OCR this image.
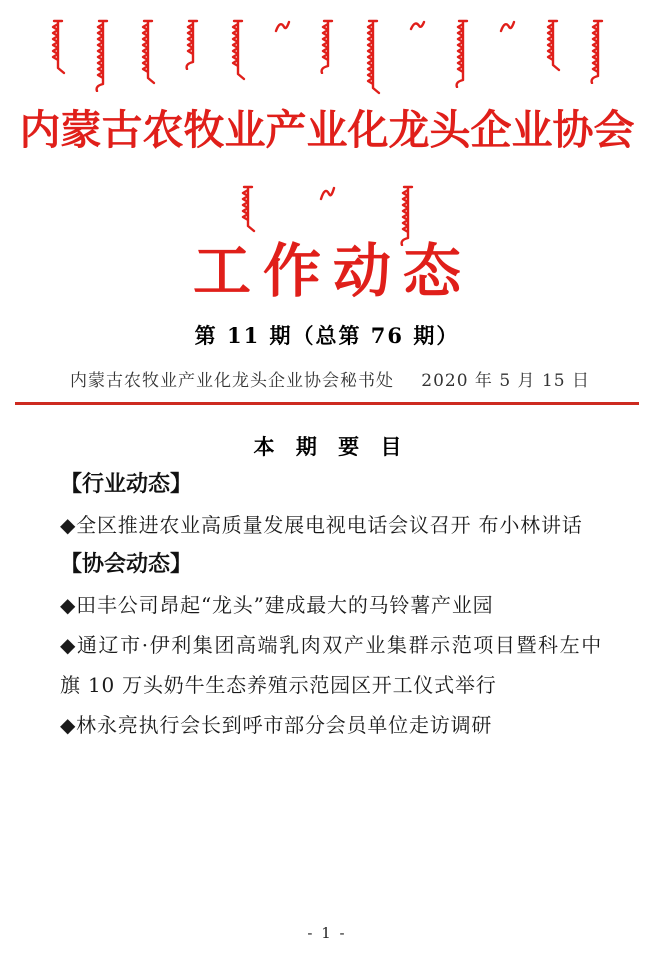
内蒙古农牧业产业化龙头企业协会
工作动态
第 11 期（总第 76 期）
内蒙古农牧业产业化龙头企业协会秘书处 2020 年 5 月 15 日
本 期 要 目
【行业动态】
◆全区推进农业高质量发展电视电话会议召开 布小林讲话
【协会动态】
◆田丰公司昂起“龙头”建成最大的马铃薯产业园
◆通辽市·伊利集团高端乳肉双产业集群示范项目暨科左中旗 10 万头奶牛生态养殖示范园区开工仪式举行
◆林永亮执行会长到呼市部分会员单位走访调研
- 1 -
